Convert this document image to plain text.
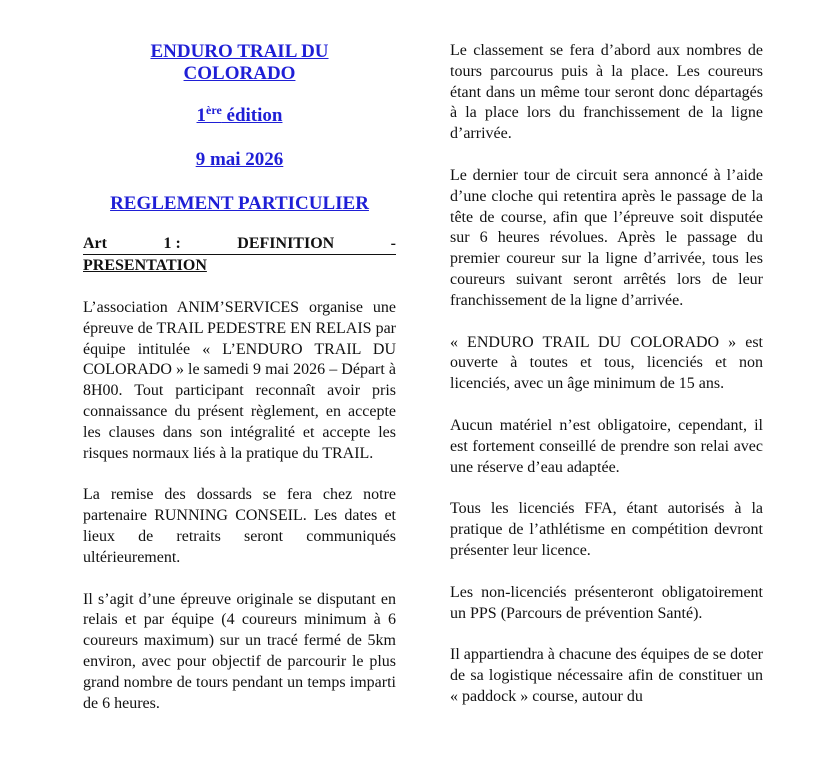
ENDURO TRAIL DU
COLORADO
1ère édition
9 mai 2026
REGLEMENT PARTICULIER
Art	1 :	DEFINITION	-
PRESENTATION

L’association ANIM’SERVICES organise une épreuve de TRAIL PEDESTRE EN RELAIS par équipe intitulée « L’ENDURO TRAIL DU COLORADO » le samedi 9 mai 2026 – Départ à 8H00. Tout participant reconnaît avoir pris connaissance du présent règlement, en accepte les clauses dans son intégralité et accepte les risques normaux liés à la pratique du TRAIL.

La remise des dossards se fera chez notre partenaire RUNNING CONSEIL. Les dates et lieux de retraits seront communiqués ultérieurement.

Il s’agit d’une épreuve originale se disputant en relais et par équipe (4 coureurs minimum à 6 coureurs maximum) sur un tracé fermé de 5km environ, avec pour objectif de parcourir le plus grand nombre de tours pendant un temps imparti de 6 heures.

Le classement se fera d’abord aux nombres de tours parcourus puis à la place. Les coureurs étant dans un même tour seront donc départagés à la place lors du franchissement de la ligne d’arrivée.

Le dernier tour de circuit sera annoncé à l’aide d’une cloche qui retentira après le passage de la tête de course, afin que l’épreuve soit disputée sur 6 heures révolues. Après le passage du premier coureur sur la ligne d’arrivée, tous les coureurs suivant seront arrêtés lors de leur franchissement de la ligne d’arrivée.

« ENDURO TRAIL DU COLORADO » est ouverte à toutes et tous, licenciés et non licenciés, avec un âge minimum de 15 ans.

Aucun matériel n’est obligatoire, cependant, il est fortement conseillé de prendre son relai avec une réserve d’eau adaptée.

Tous les licenciés FFA, étant autorisés à la pratique de l’athlétisme en compétition devront présenter leur licence.

Les non-licenciés présenteront obligatoirement un PPS (Parcours de prévention Santé).

Il appartiendra à chacune des équipes de se doter de sa logistique nécessaire afin de constituer un « paddock » course, autour du
